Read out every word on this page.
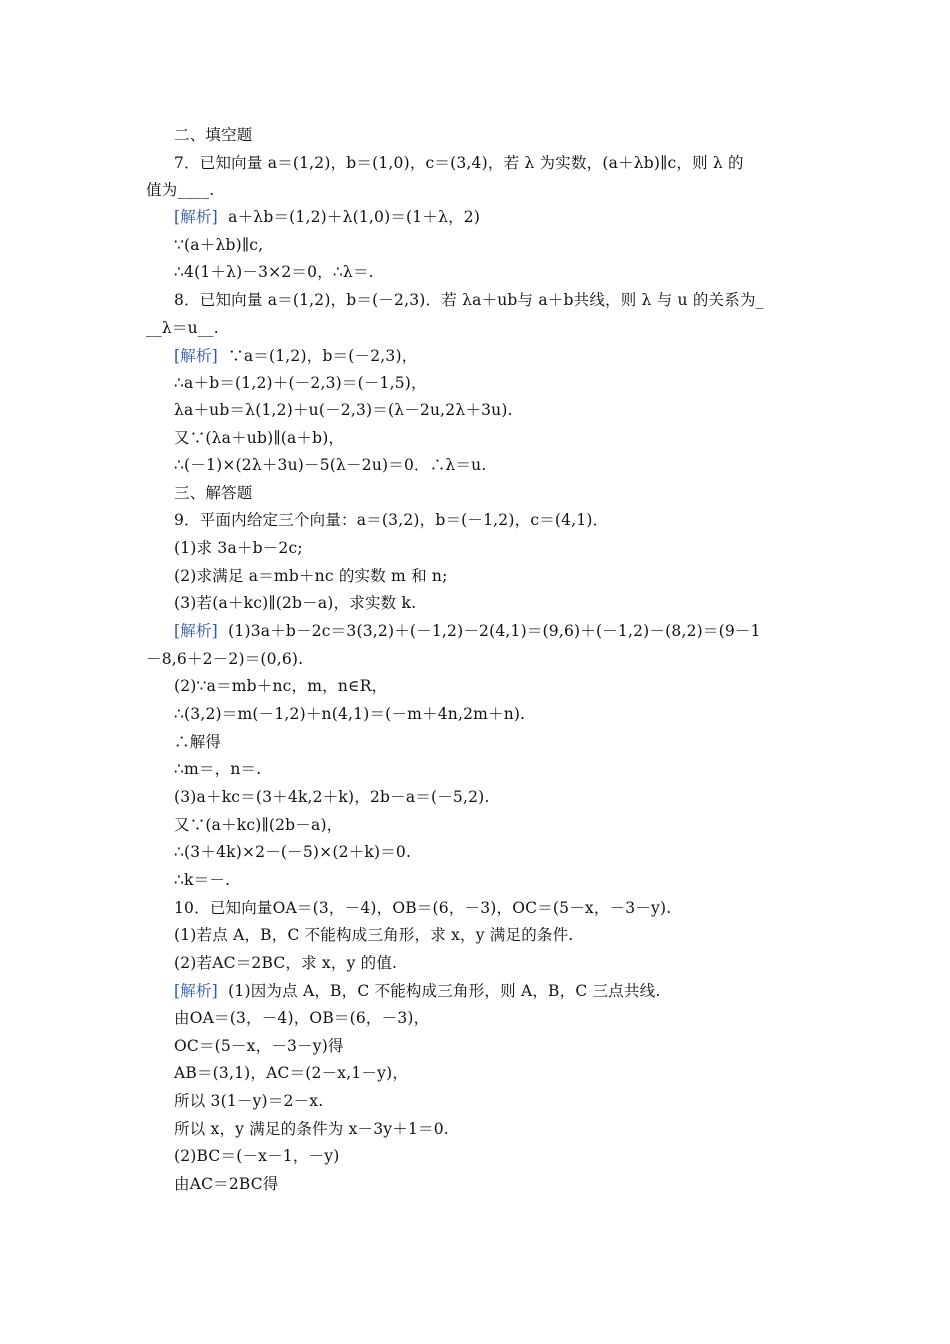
二、填空题
7．已知向量 a＝(1,2)，b＝(1,0)，c＝(3,4)，若 λ 为实数，(a＋λb)∥c，则 λ 的
值为____.
[解析]  a＋λb＝(1,2)＋λ(1,0)＝(1＋λ，2)
∵(a＋λb)∥c,
∴4(1＋λ)－3×2＝0，∴λ＝.
8．已知向量 a＝(1,2)，b＝(－2,3)．若 λa＋ub与 a＋b共线，则 λ 与 u 的关系为_
__λ＝u__.
[解析]  ∵a＝(1,2)，b＝(－2,3)，
∴a＋b＝(1,2)＋(－2,3)＝(－1,5)，
λa＋ub＝λ(1,2)＋u(－2,3)＝(λ－2u,2λ＋3u).
又∵(λa＋ub)∥(a＋b)，
∴(－1)×(2λ＋3u)－5(λ－2u)＝0．∴λ＝u.
三、解答题
9．平面内给定三个向量：a＝(3,2)，b＝(－1,2)，c＝(4,1)．
(1)求 3a＋b－2c;
(2)求满足 a＝mb＋nc 的实数 m 和 n;
(3)若(a＋kc)∥(2b－a)，求实数 k.
[解析]  (1)3a＋b－2c＝3(3,2)＋(－1,2)－2(4,1)＝(9,6)＋(－1,2)－(8,2)＝(9－1
－8,6＋2－2)＝(0,6).
(2)∵a＝mb＋nc，m，n∈R，
∴(3,2)＝m(－1,2)＋n(4,1)＝(－m＋4n,2m＋n).
∴解得
∴m＝，n＝.
(3)a＋kc＝(3＋4k,2＋k)，2b－a＝(－5,2).
又∵(a＋kc)∥(2b－a)，
∴(3＋4k)×2－(－5)×(2＋k)＝0.
∴k＝－.
10．已知向量OA＝(3，－4)，OB＝(6，－3)，OC＝(5－x，－3－y).
(1)若点 A，B，C 不能构成三角形，求 x，y 满足的条件.
(2)若AC＝2BC，求 x，y 的值.
[解析]  (1)因为点 A，B，C 不能构成三角形，则 A，B，C 三点共线.
由OA＝(3，－4)，OB＝(6，－3)，
OC＝(5－x，－3－y)得
AB＝(3,1)，AC＝(2－x,1－y)，
所以 3(1－y)＝2－x.
所以 x，y 满足的条件为 x－3y＋1＝0.
(2)BC＝(－x－1，－y)
由AC＝2BC得
